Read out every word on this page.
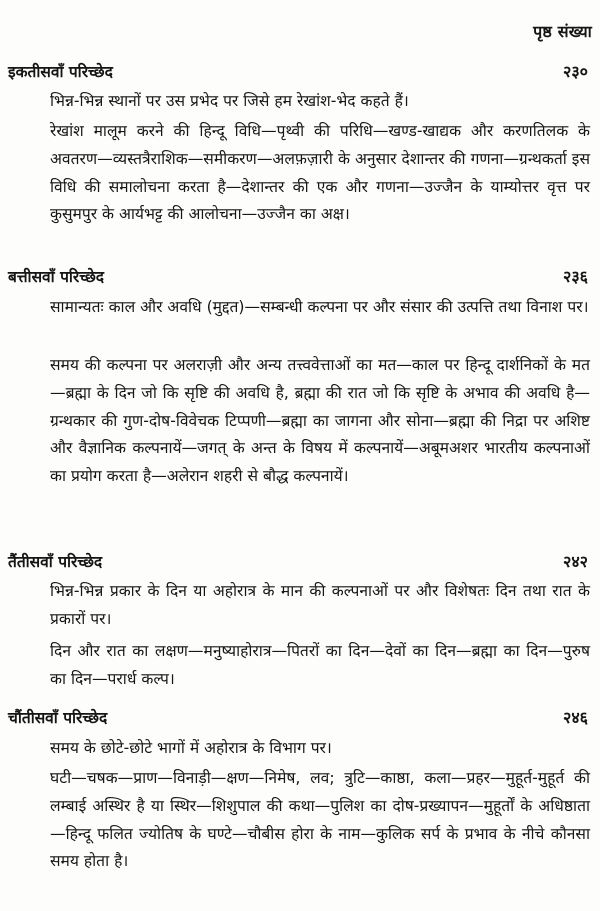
पृष्ठ संख्या
इकतीसवाँ परिच्छेद	२३०

भिन्न-भिन्न स्थानों पर उस प्रभेद पर जिसे हम रेखांश-भेद कहते हैं।

रेखांश मालूम करने की हिन्दू विधि—पृथ्वी की परिधि—खण्ड-खाद्यक और करणतिलक के अवतरण—व्यस्तत्रैराशिक—समीकरण—अलफ़ज़ारी के अनुसार देशान्तर की गणना—ग्रन्थकर्ता इस विधि की समालोचना करता है—देशान्तर की एक और गणना—उज्जैन के याम्योत्तर वृत्त पर कुसुमपुर के आर्यभट्ट की आलोचना—उज्जैन का अक्ष।

बत्तीसवाँ परिच्छेद	२३६

सामान्यतः काल और अवधि (मुद्दत)—सम्बन्धी कल्पना पर और संसार की उत्पत्ति तथा विनाश पर।

समय की कल्पना पर अलराज़ी और अन्य तत्त्ववेत्ताओं का मत—काल पर हिन्दू दार्शनिकों के मत—ब्रह्मा के दिन जो कि सृष्टि की अवधि है, ब्रह्मा की रात जो कि सृष्टि के अभाव की अवधि है—ग्रन्थकार की गुण-दोष-विवेचक टिप्पणी—ब्रह्मा का जागना और सोना—ब्रह्मा की निद्रा पर अशिष्ट और वैज्ञानिक कल्पनायें—जगत् के अन्त के विषय में कल्पनायें—अबूमअशर भारतीय कल्पनाओं का प्रयोग करता है—अलेरान शहरी से बौद्ध कल्पनायें।

तैंतीसवाँ परिच्छेद	२४२

भिन्न-भिन्न प्रकार के दिन या अहोरात्र के मान की कल्पनाओं पर और विशेषतः दिन तथा रात के प्रकारों पर।

दिन और रात का लक्षण—मनुष्याहोरात्र—पितरों का दिन—देवों का दिन—ब्रह्मा का दिन—पुरुष का दिन—परार्ध कल्प।

चौंतीसवाँ परिच्छेद	२४६

समय के छोटे-छोटे भागों में अहोरात्र के विभाग पर।

घटी—चषक—प्राण—विनाड़ी—क्षण—निमेष, लव; त्रुटि—काष्ठा, कला—प्रहर—मुहूर्त-मुहूर्त की लम्बाई अस्थिर है या स्थिर—शिशुपाल की कथा—पुलिश का दोष-प्रख्यापन—मुहूर्तों के अधिष्ठाता—हिन्दू फलित ज्योतिष के घण्टे—चौबीस होरा के नाम—कुलिक सर्प के प्रभाव के नीचे कौनसा समय होता है।
